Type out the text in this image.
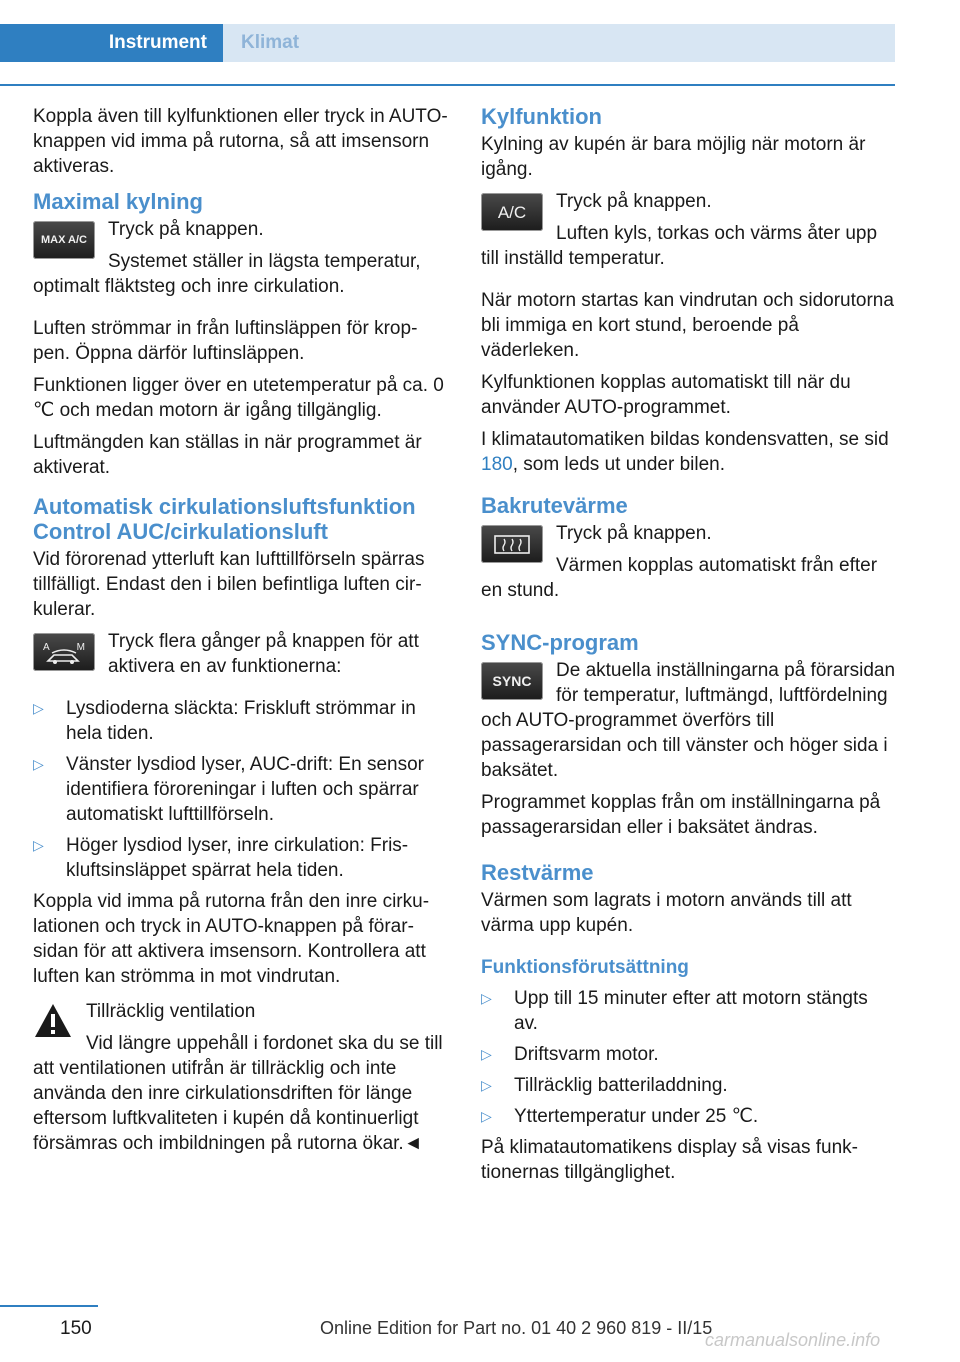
Instrument	Klimat

Koppla även till kylfunktionen eller tryck in AUTO-knappen vid imma på rutorna, så att imsensorn aktiveras.

Maximal kylning
MAX A/C	Tryck på knappen.

Systemet ställer in lägsta temperatur, optimalt fläktsteg och inre cirkulation.

Luften strömmar in från luftinsläppen för kroppen. Öppna därför luftinsläppen.

Funktionen ligger över en utetemperatur på ca. 0 ℃ och medan motorn är igång tillgänglig.

Luftmängden kan ställas in när programmet är aktiverat.

Automatisk cirkulationsluftsfunktion Control AUC/cirkulationsluft

Vid förorenad ytterluft kan lufttillförseln spärras tillfälligt. Endast den i bilen befintliga luften cirkulerar.

A	M	Tryck flera gånger på knappen för att aktivera en av funktionerna:

▷ Lysdioderna släckta: Friskluft strömmar in hela tiden.
▷ Vänster lysdiod lyser, AUC-drift: En sensor identifiera föroreningar i luften och spärrar automatiskt lufttillförseln.
▷ Höger lysdiod lyser, inre cirkulation: Friskluftsinsläppet spärrat hela tiden.

Koppla vid imma på rutorna från den inre cirkulationen och tryck in AUTO-knappen på förarsidan för att aktivera imsensorn. Kontrollera att luften kan strömma in mot vindrutan.

Tillräcklig ventilation

Vid längre uppehåll i fordonet ska du se till att ventilationen utifrån är tillräcklig och inte använda den inre cirkulationsdriften för länge eftersom luftkvaliteten i kupén då kontinuerligt försämras och imbildningen på rutorna ökar.◄

Kylfunktion

Kylning av kupén är bara möjlig när motorn är igång.

A/C	Tryck på knappen.

Luften kyls, torkas och värms åter upp till inställd temperatur.

När motorn startas kan vindrutan och sidorutorna bli immiga en kort stund, beroende på väderleken.

Kylfunktionen kopplas automatiskt till när du använder AUTO-programmet.

I klimatautomatiken bildas kondensvatten, se sid 180, som leds ut under bilen.

Bakrutevärme

Tryck på knappen.

Värmen kopplas automatiskt från efter en stund.

SYNC-program
SYNC	De aktuella inställningarna på förarsidan för temperatur, luftmängd, luftfördelning och AUTO-programmet överförs till passagerarsidan och till vänster och höger sida i baksätet.

Programmet kopplas från om inställningarna på passagerarsidan eller i baksätet ändras.

Restvärme

Värmen som lagrats i motorn används till att värma upp kupén.

Funktionsförutsättning
▷ Upp till 15 minuter efter att motorn stängts av.
▷ Driftsvarm motor.
▷ Tillräcklig batteriladdning.
▷ Yttertemperatur under 25 ℃.

På klimatautomatikens display så visas funktionernas tillgänglighet.

150	Online Edition for Part no. 01 40 2 960 819 - II/15
carmanualsonline.info
